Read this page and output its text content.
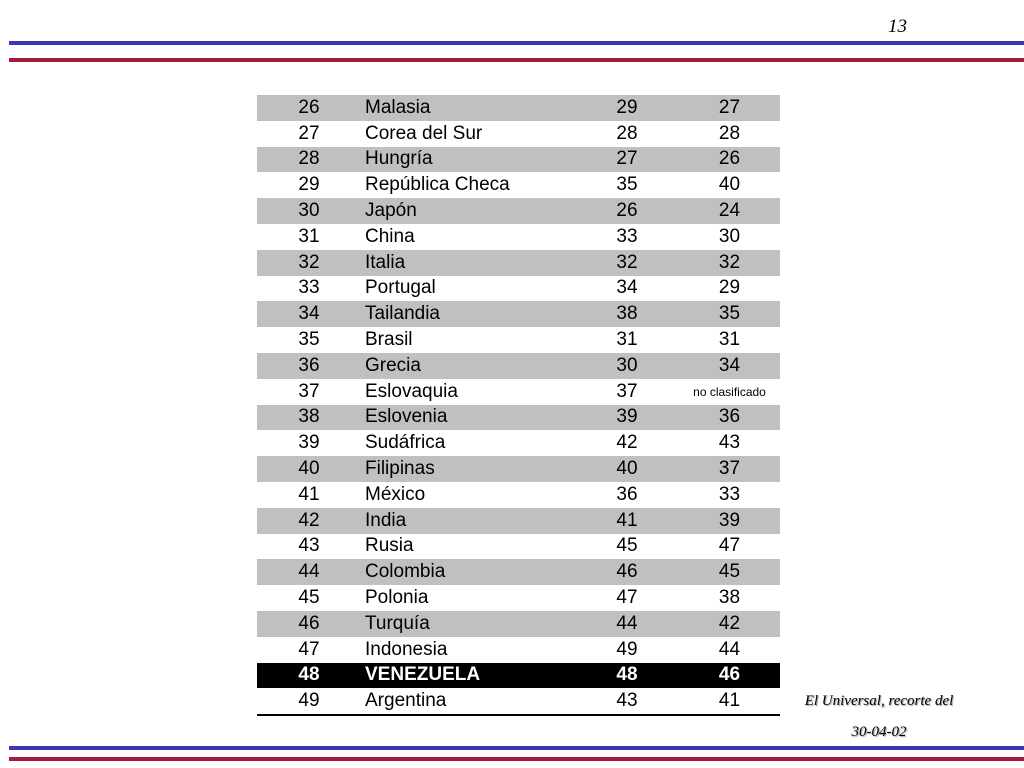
13
26	Malasia	29	27
27	Corea del Sur	28	28
28	Hungría	27	26
29	República Checa	35	40
30	Japón	26	24
31	China	33	30
32	Italia	32	32
33	Portugal	34	29
34	Tailandia	38	35
35	Brasil	31	31
36	Grecia	30	34
37	Eslovaquia	37	no clasificado
38	Eslovenia	39	36
39	Sudáfrica	42	43
40	Filipinas	40	37
41	México	36	33
42	India	41	39
43	Rusia	45	47
44	Colombia	46	45
45	Polonia	47	38
46	Turquía	44	42
47	Indonesia	49	44
48	VENEZUELA	48	46
49	Argentina	43	41	El Universal, recorte del
30-04-02
